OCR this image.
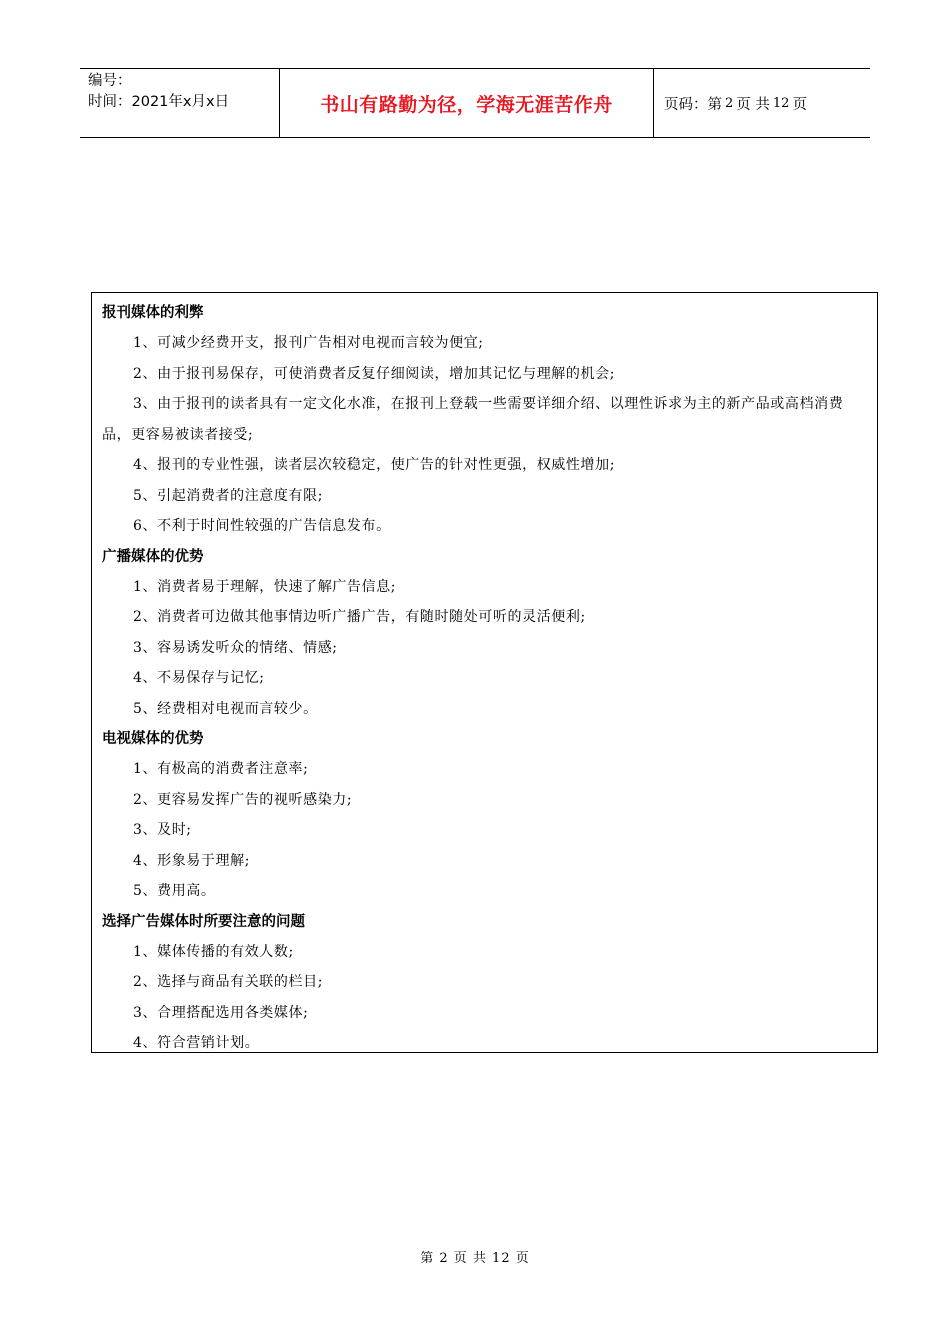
编号：
时间：2021年x月x日	书山有路勤为径，学海无涯苦作舟	页码：第 2 页 共 12 页
报刊媒体的利弊

1、可减少经费开支，报刊广告相对电视而言较为便宜;

2、由于报刊易保存，可使消费者反复仔细阅读，增加其记忆与理解的机会;

3、由于报刊的读者具有一定文化水准，在报刊上登载一些需要详细介绍、以理性诉求为主的新产品或高档消费品，更容易被读者接受;

4、报刊的专业性强，读者层次较稳定，使广告的针对性更强，权威性增加;

5、引起消费者的注意度有限;

6、不利于时间性较强的广告信息发布。

广播媒体的优势

1、消费者易于理解，快速了解广告信息;

2、消费者可边做其他事情边听广播广告，有随时随处可听的灵活便利;

3、容易诱发听众的情绪、情感;

4、不易保存与记忆;

5、经费相对电视而言较少。

电视媒体的优势

1、有极高的消费者注意率;

2、更容易发挥广告的视听感染力;

3、及时;

4、形象易于理解;

5、费用高。

选择广告媒体时所要注意的问题

1、媒体传播的有效人数;

2、选择与商品有关联的栏目;

3、合理搭配选用各类媒体;

4、符合营销计划。

第 2 页 共 12 页
